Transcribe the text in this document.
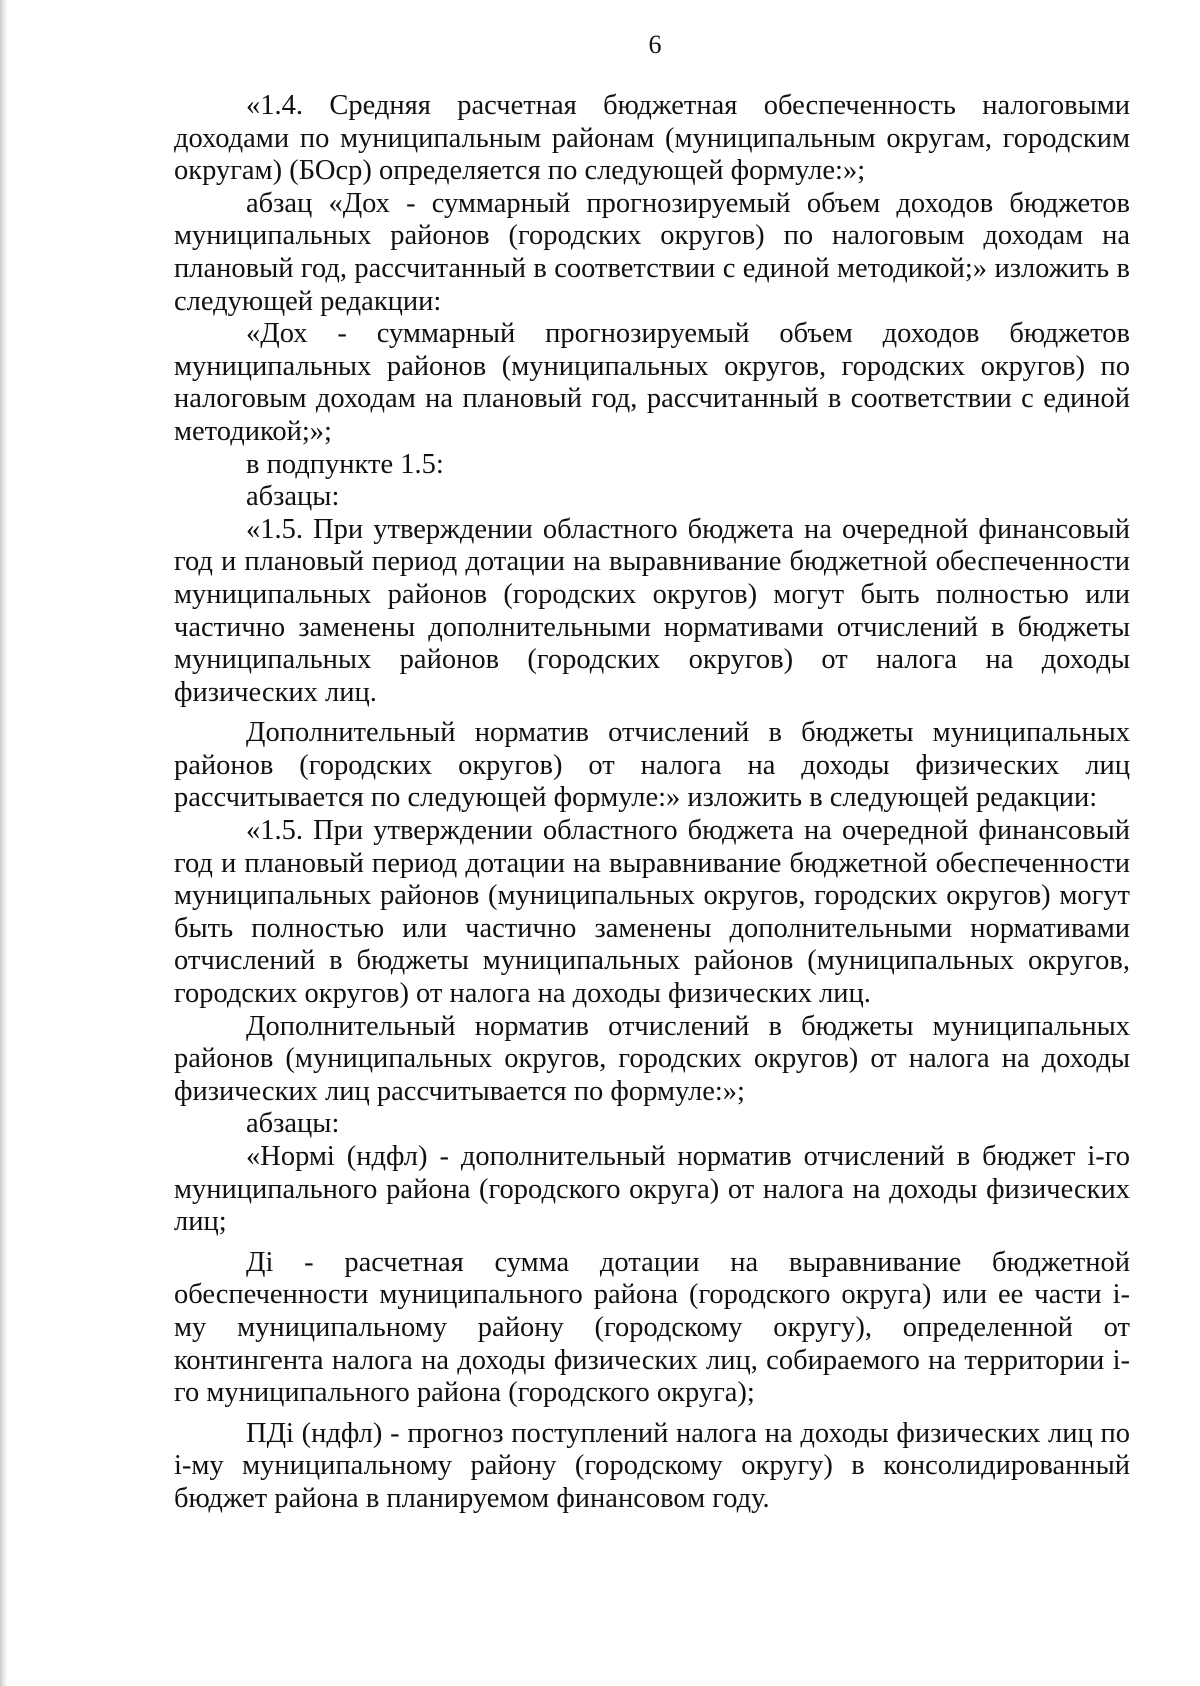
6

«1.4. Средняя расчетная бюджетная обеспеченность налоговыми доходами по муниципальным районам (муниципальным округам, городским округам) (БОср) определяется по следующей формуле:»;

абзац «Дох - суммарный прогнозируемый объем доходов бюджетов муниципальных районов (городских округов) по налоговым доходам на плановый год, рассчитанный в соответствии с единой методикой;» изложить в следующей редакции:

«Дох - суммарный прогнозируемый объем доходов бюджетов муниципальных районов (муниципальных округов, городских округов) по налоговым доходам на плановый год, рассчитанный в соответствии с единой методикой;»;

в подпункте 1.5:

абзацы:

«1.5. При утверждении областного бюджета на очередной финансовый год и плановый период дотации на выравнивание бюджетной обеспеченности муниципальных районов (городских округов) могут быть полностью или частично заменены дополнительными нормативами отчислений в бюджеты муниципальных районов (городских округов) от налога на доходы физических лиц.

Дополнительный норматив отчислений в бюджеты муниципальных районов (городских округов) от налога на доходы физических лиц рассчитывается по следующей формуле:» изложить в следующей редакции:

«1.5. При утверждении областного бюджета на очередной финансовый год и плановый период дотации на выравнивание бюджетной обеспеченности муниципальных районов (муниципальных округов, городских округов) могут быть полностью или частично заменены дополнительными нормативами отчислений в бюджеты муниципальных районов (муниципальных округов, городских округов) от налога на доходы физических лиц.

Дополнительный норматив отчислений в бюджеты муниципальных районов (муниципальных округов, городских округов) от налога на доходы физических лиц рассчитывается по формуле:»;

абзацы:

«Нормi (ндфл) - дополнительный норматив отчислений в бюджет i-го муниципального района (городского округа) от налога на доходы физических лиц;

Дi - расчетная сумма дотации на выравнивание бюджетной обеспеченности муниципального района (городского округа) или ее части i-му муниципальному району (городскому округу), определенной от контингента налога на доходы физических лиц, собираемого на территории i-го муниципального района (городского округа);

ПДi (ндфл) - прогноз поступлений налога на доходы физических лиц по i-му муниципальному району (городскому округу) в консолидированный бюджет района в планируемом финансовом году.
